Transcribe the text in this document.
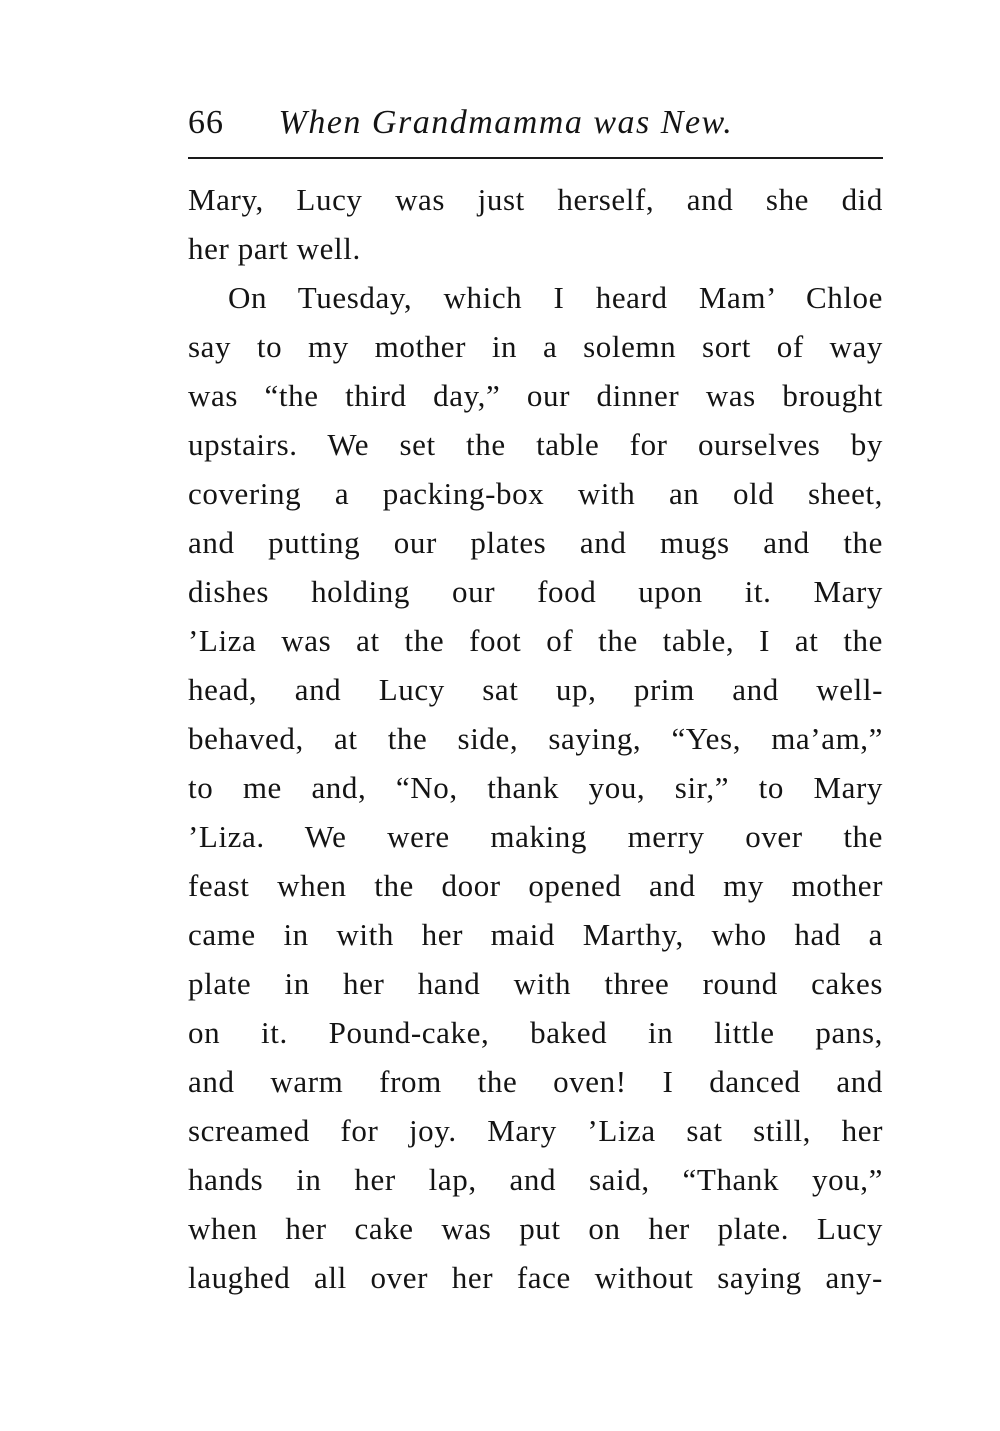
66 When Grandmamma was New.
Mary, Lucy was just herself, and she did
her part well.
On Tuesday, which I heard Mam’ Chloe
say to my mother in a solemn sort of way
was “the third day,” our dinner was brought
upstairs. We set the table for ourselves by
covering a packing-box with an old sheet,
and putting our plates and mugs and the
dishes holding our food upon it. Mary
’Liza was at the foot of the table, I at the
head, and Lucy sat up, prim and well-
behaved, at the side, saying, “Yes, ma’am,”
to me and, “No, thank you, sir,” to Mary
’Liza. We were making merry over the
feast when the door opened and my mother
came in with her maid Marthy, who had a
plate in her hand with three round cakes
on it. Pound-cake, baked in little pans,
and warm from the oven! I danced and
screamed for joy. Mary ’Liza sat still, her
hands in her lap, and said, “Thank you,”
when her cake was put on her plate. Lucy
laughed all over her face without saying any-
